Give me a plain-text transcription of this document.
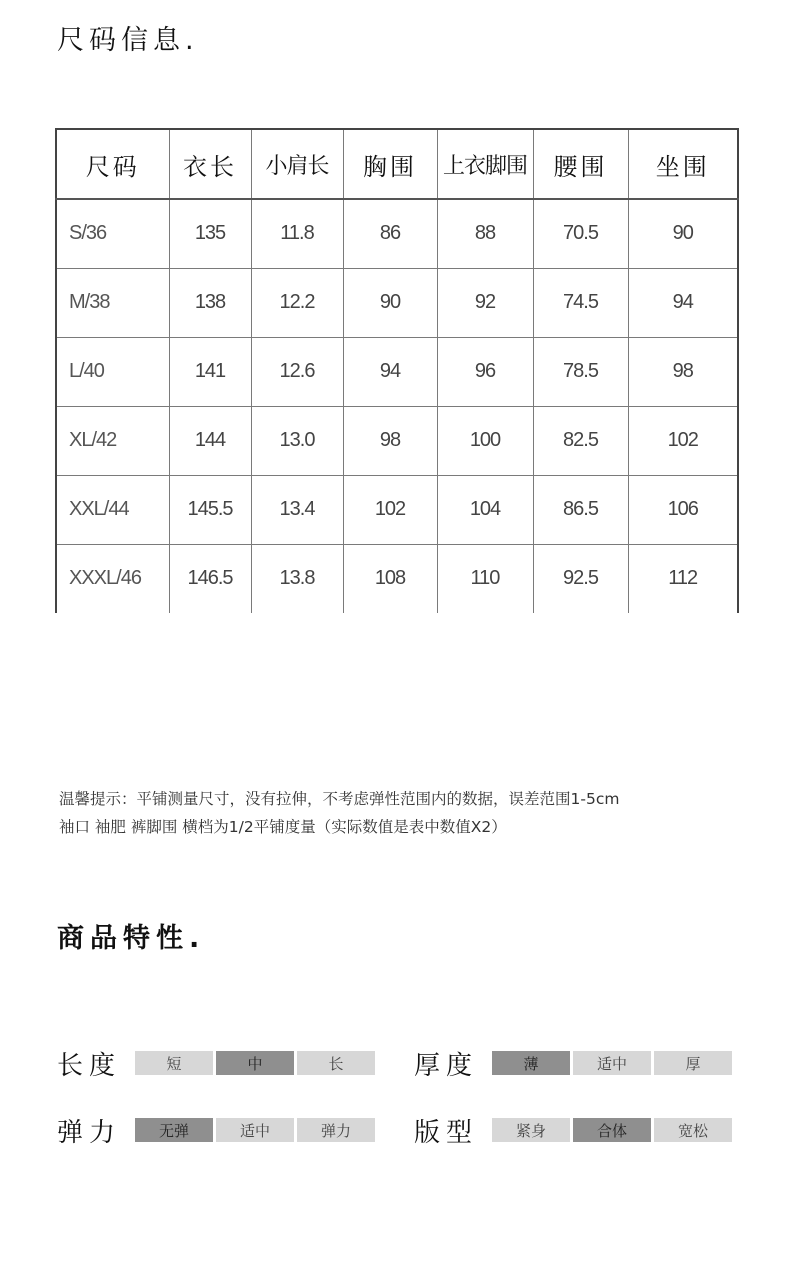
尺码信息.
尺码	衣长	小肩长	胸围	上衣脚围	腰围	坐围
S/36	135	11.8	86	88	70.5	90
M/38	138	12.2	90	92	74.5	94
L/40	141	12.6	94	96	78.5	98
XL/42	144	13.0	98	100	82.5	102
XXL/44	145.5	13.4	102	104	86.5	106
XXXL/46	146.5	13.8	108	110	92.5	112

温馨提示：平铺测量尺寸，没有拉伸，不考虑弹性范围内的数据，误差范围1-5cm

袖口 袖肥 裤脚围 横档为1/2平铺度量（实际数值是表中数值X2）

商品特性.
长度	短	中	长	厚度	薄	适中	厚
弹力	无弹	适中	弹力	版型	紧身	合体	宽松
